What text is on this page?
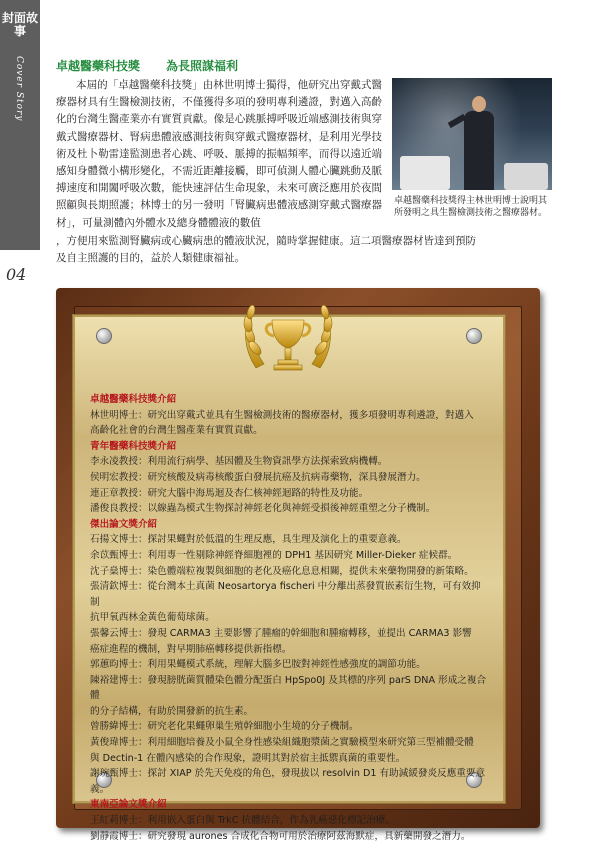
封面故事
Cover Story
04
卓越醫藥科技獎 為長照謀福利
本屆的「卓越醫藥科技獎」由林世明博士獨得，他研究出穿戴式醫療器材具有生醫檢測技術，不僅獲得多項的發明專利遴證，對邁入高齡化的台灣生醫產業亦有實質貢獻。像是心跳脈搏呼吸近端感測技術與穿戴式醫療器材、腎病患體液感測技術與穿戴式醫療器材，是利用光學技術及杜卜勒雷達監測患者心跳、呼吸、脈搏的振幅頻率，而得以遠近端感知身體微小構形變化，不需近距離接觸，即可偵測人體心臟跳動及脈搏速度和開闔呼吸次數，能快速評估生命現象，未來可廣泛應用於夜間照顧與長期照護；林博士的另一發明「腎臟病患體液感測穿戴式醫療器材」，可量測體內外體水及總身體體液的數值
卓越醫藥科技獎得主林世明博士說明其所發明之具生醫檢測技術之醫療器材。
，方便用來監測腎臟病或心臟病患的體液狀況，隨時掌握健康。這二項醫療器材皆達到預防
及自主照護的目的，益於人類健康福祉。

卓越醫藥科技獎介紹

林世明博士：研究出穿戴式並具有生醫檢測技術的醫療器材，獲多項發明專利遴證，對邁入

高齡化社會的台灣生醫產業有實質貢獻。

青年醫藥科技獎介紹

李永凌教授：利用流行病學、基因體及生物資訊學方法探索致病機轉。

侯明宏教授：研究核酸及病毒核酸蛋白發展抗癌及抗病毒藥物，深具發展潛力。

連正章教授：研究大腦中海馬迴及杏仁核神經迴路的特性及功能。

潘俊良教授：以線蟲為模式生物探討神經老化與神經受損後神經重塑之分子機制。

傑出論文獎介紹

石揚文博士：探討果蠅對於低溫的生理反應，具生理及演化上的重要意義。

余苡甄博士：利用專一性剔除神經脊細胞裡的 DPH1 基因研究 Miller-Dieker 症候群。

沈子燊博士：染色體端粒複製與細胞的老化及癌化息息相關，提供未來藥物開發的新策略。

張清欽博士：從台灣本土真菌 Neosartorya fischeri 中分離出蒸發質嵌素衍生物，可有效抑制

抗甲氧西林金黃色葡萄球菌。

張馨云博士：發現 CARMA3 主要影響了腫瘤的幹細胞和腫瘤轉移，並提出 CARMA3 影響

癌症進程的機制，對早期肺癌轉移提供新指標。

郭蕙昀博士：利用果蠅模式系統，理解大腦多巴胺對神經性感強度的調節功能。

陳裕建博士：發現膀胱菌質體染色體分配蛋白 HpSpo0J 及其標的序列 parS DNA 形成之複合體

的分子結構，有助於開發新的抗生素。

曾勝緯博士：研究老化果蠅卵巢生殖幹細胞小生境的分子機制。

黃俊瑋博士：利用細胞培養及小鼠全身性感染組織胞漿菌之實驗模型來研究第三型補體受體

與 Dectin-1 在體內感染的合作現象，證明其對於宿主抵禦真菌的重要性。

謝琬甄博士：探討 XIAP 於先天免疫的角色，發現拔以 resolvin D1 有助減緩發炎反應重要意義。

東南亞論文獎介紹

王紅莉博士：利用嵌入蛋白與 TrkC 抗體結合，作為乳癌惡化標記治療。

劉靜霞博士：研究發現 aurones 合成化合物可用於治療阿茲海默症，具新藥開發之潛力。
